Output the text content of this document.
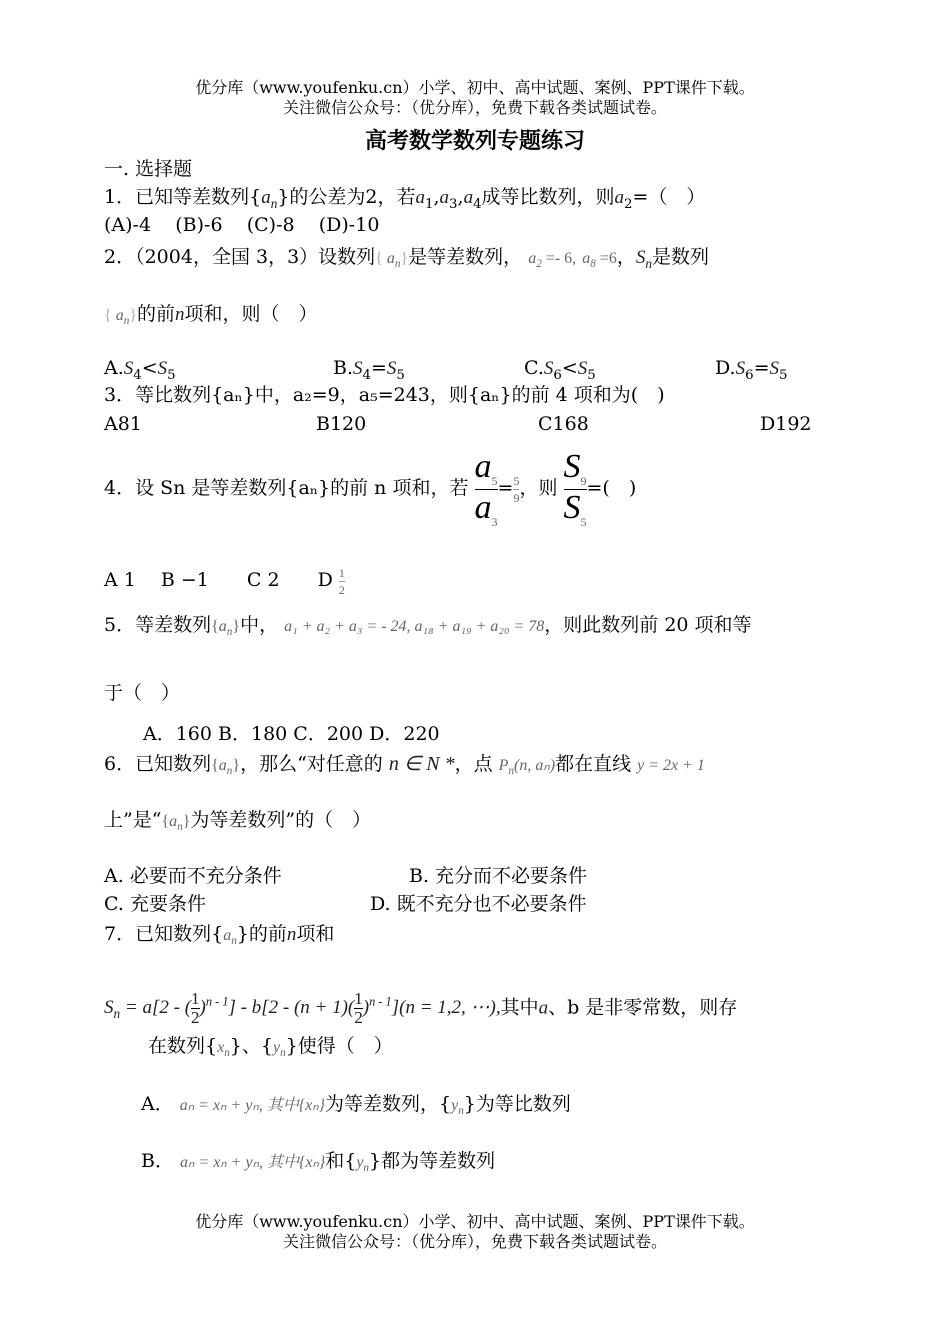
优分库（www.youfenku.cn）小学、初中、高中试题、案例、PPT课件下载。
关注微信公众号：（优分库），免费下载各类试题试卷。
高考数学数列专题练习
一. 选择题
1．已知等差数列$\{a_n\}$的公差为2，若$a_1,a_3,a_4$成等比数列，则$a_2=$（　）
(A)-4 (B)-6 (C)-8 (D)-10
2．（2004，全国 3，3）设数列{ $a_n$}是等差数列， $a_2 =- 6$, $a_8 =6$，$S_n$是数列
{ $a_n$}的前n项和，则（　）
$A.S_4<S_5$	$B.S_4=S_5$	$C.S_6<S_5$	$D.S_6=S_5$
3．等比数列{aₙ}中，a₂=9，a₅=243，则{aₙ}的前 4 项和为(　)
A81	B120	C168	D192
4．设 Sn 是等差数列{aₙ}的前 n 项和，若 $\frac{a_5}{a_3} = \frac{5}{9}$ ，则 $\frac{S_9}{S_5}$ =(　)
A 1　 B −1　　C 2　　D $\frac{1}{2}$
5．等差数列$\{a_n\}$中， a₁ + a₂ + a₃ = - 24, a₁₈ + a₁₉ + a₂₀ = 78，则此数列前 20 项和等
于（　）
A．160 B．180 C．200 D．220
6．已知数列$\{a_n\}$，那么“对任意的 n ∈ N *，点 $P_n(n$, aₙ)都在直线 y = 2x + 1
上”是“$\{a_n\}$为等差数列”的（　）
A. 必要而不充分条件	B. 充分而不必要条件
C. 充要条件	D. 既不充分也不必要条件
7．已知数列$\{a_n\}$的前n项和
$S_n = a[2$ - ( $\frac{1}{2} )^{n - 1}] - b[2 - (n + 1)( \frac{1}{2} )^{n - 1}](n = 1,2$, ⋯),其中a、b 是非零常数，则存
在数列$\{x_n\}$、$\{y_n\}$使得（　）
A． aₙ = xₙ + yₙ, 其中{xₙ}为等差数列，$\{y_n\}$为等比数列
B． aₙ = xₙ + yₙ, 其中{xₙ}和$\{y_n\}$都为等差数列
优分库（www.youfenku.cn）小学、初中、高中试题、案例、PPT课件下载。
关注微信公众号：（优分库），免费下载各类试题试卷。
